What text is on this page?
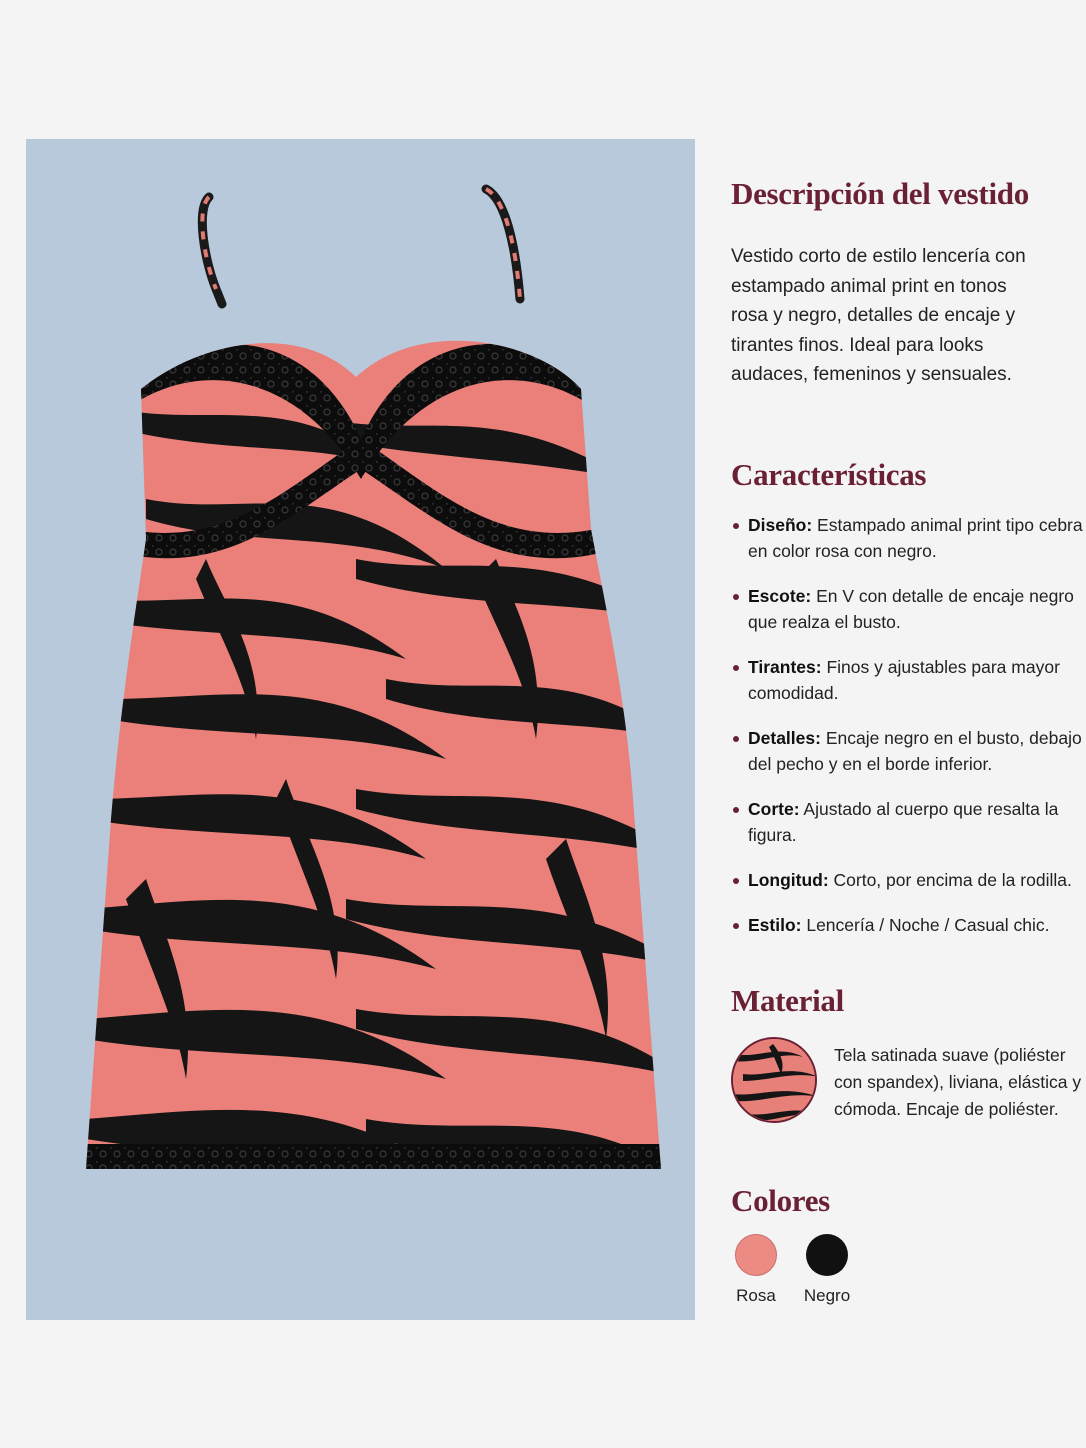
Descripción del vestido
Vestido corto de estilo lencería con estampado animal print en tonos rosa y negro, detalles de encaje y tirantes finos. Ideal para looks audaces, femeninos y sensuales.
Características
Diseño: Estampado animal print tipo cebra en color rosa con negro.
Escote: En V con detalle de encaje negro que realza el busto.
Tirantes: Finos y ajustables para mayor comodidad.
Detalles: Encaje negro en el busto, debajo del pecho y en el borde inferior.
Corte: Ajustado al cuerpo que resalta la figura.
Longitud: Corto, por encima de la rodilla.
Estilo: Lencería / Noche / Casual chic.
Material
Tela satinada suave (poliéster con spandex), liviana, elástica y cómoda. Encaje de poliéster.
Colores
Rosa	Negro
